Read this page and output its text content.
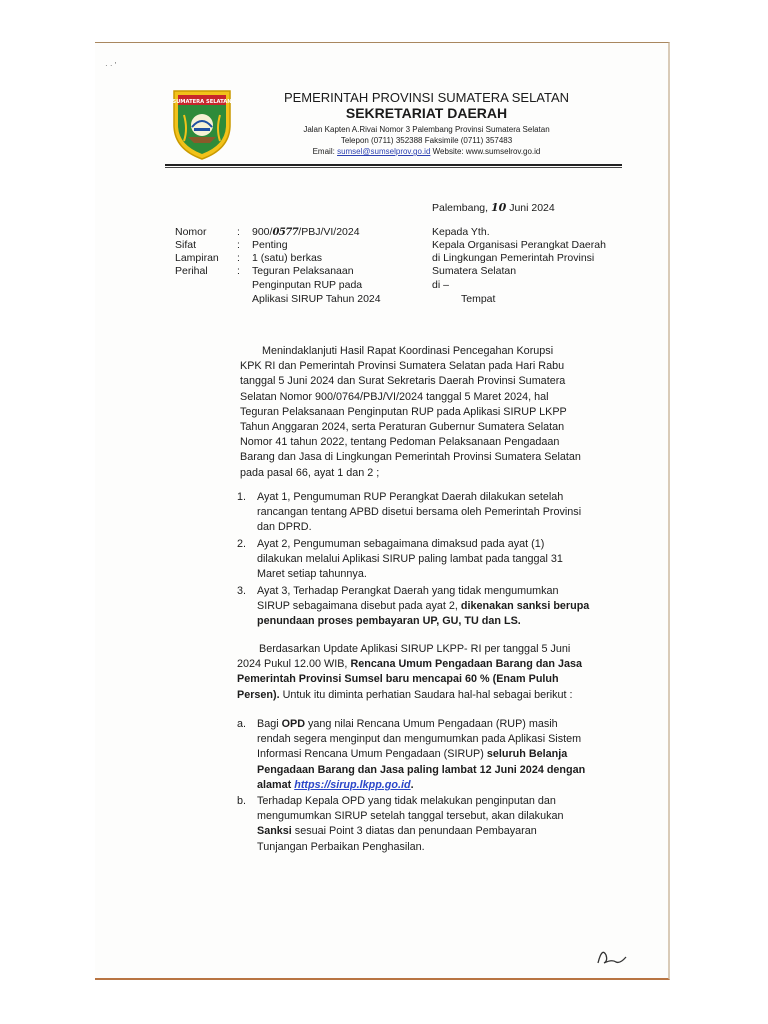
· · '
SUMATERA SELATAN	PEMERINTAH PROVINSI SUMATERA SELATAN
SEKRETARIAT DAERAH
Jalan Kapten A.Rivai Nomor 3 Palembang Provinsi Sumatera Selatan
Telepon (0711) 352388 Faksimile (0711) 357483
Email: sumsel@sumselprov.go.id Website: www.sumselrov.go.id
Palembang, 10 Juni 2024
Nomor	: 900/0577/PBJ/VI/2024
Sifat	: Penting
Lampiran : 1 (satu) berkas
Perihal	: Teguran Pelaksanaan
Penginputan RUP pada
Aplikasi SIRUP Tahun 2024
Kepada Yth.
Kepala Organisasi Perangkat Daerah
di Lingkungan Pemerintah Provinsi
Sumatera Selatan
di –
Tempat
Menindaklanjuti Hasil Rapat Koordinasi Pencegahan Korupsi
KPK RI dan Pemerintah Provinsi Sumatera Selatan pada Hari Rabu
tanggal 5 Juni 2024 dan Surat Sekretaris Daerah Provinsi Sumatera
Selatan Nomor 900/0764/PBJ/VI/2024 tanggal 5 Maret 2024, hal
Teguran Pelaksanaan Penginputan RUP pada Aplikasi SIRUP LKPP
Tahun Anggaran 2024, serta Peraturan Gubernur Sumatera Selatan
Nomor 41 tahun 2022, tentang Pedoman Pelaksanaan Pengadaan
Barang dan Jasa di Lingkungan Pemerintah Provinsi Sumatera Selatan
pada pasal 66, ayat 1 dan 2 ;
1.	Ayat 1, Pengumuman RUP Perangkat Daerah dilakukan setelah
rancangan tentang APBD disetui bersama oleh Pemerintah Provinsi
dan DPRD.
2.	Ayat 2, Pengumuman sebagaimana dimaksud pada ayat (1)
dilakukan melalui Aplikasi SIRUP paling lambat pada tanggal 31
Maret setiap tahunnya.
3.	Ayat 3, Terhadap Perangkat Daerah yang tidak mengumumkan
SIRUP sebagaimana disebut pada ayat 2, dikenakan sanksi berupa
penundaan proses pembayaran UP, GU, TU dan LS.
Berdasarkan Update Aplikasi SIRUP LKPP- RI per tanggal 5 Juni
2024 Pukul 12.00 WIB, Rencana Umum Pengadaan Barang dan Jasa
Pemerintah Provinsi Sumsel baru mencapai 60 % (Enam Puluh
Persen). Untuk itu diminta perhatian Saudara hal-hal sebagai berikut :
a.	Bagi OPD yang nilai Rencana Umum Pengadaan (RUP) masih
rendah segera menginput dan mengumumkan pada Aplikasi Sistem
Informasi Rencana Umum Pengadaan (SIRUP) seluruh Belanja
Pengadaan Barang dan Jasa paling lambat 12 Juni 2024 dengan
alamat https://sirup.lkpp.go.id.
b.	Terhadap Kepala OPD yang tidak melakukan penginputan dan
mengumumkan SIRUP setelah tanggal tersebut, akan dilakukan
Sanksi sesuai Point 3 diatas dan penundaan Pembayaran
Tunjangan Perbaikan Penghasilan.
